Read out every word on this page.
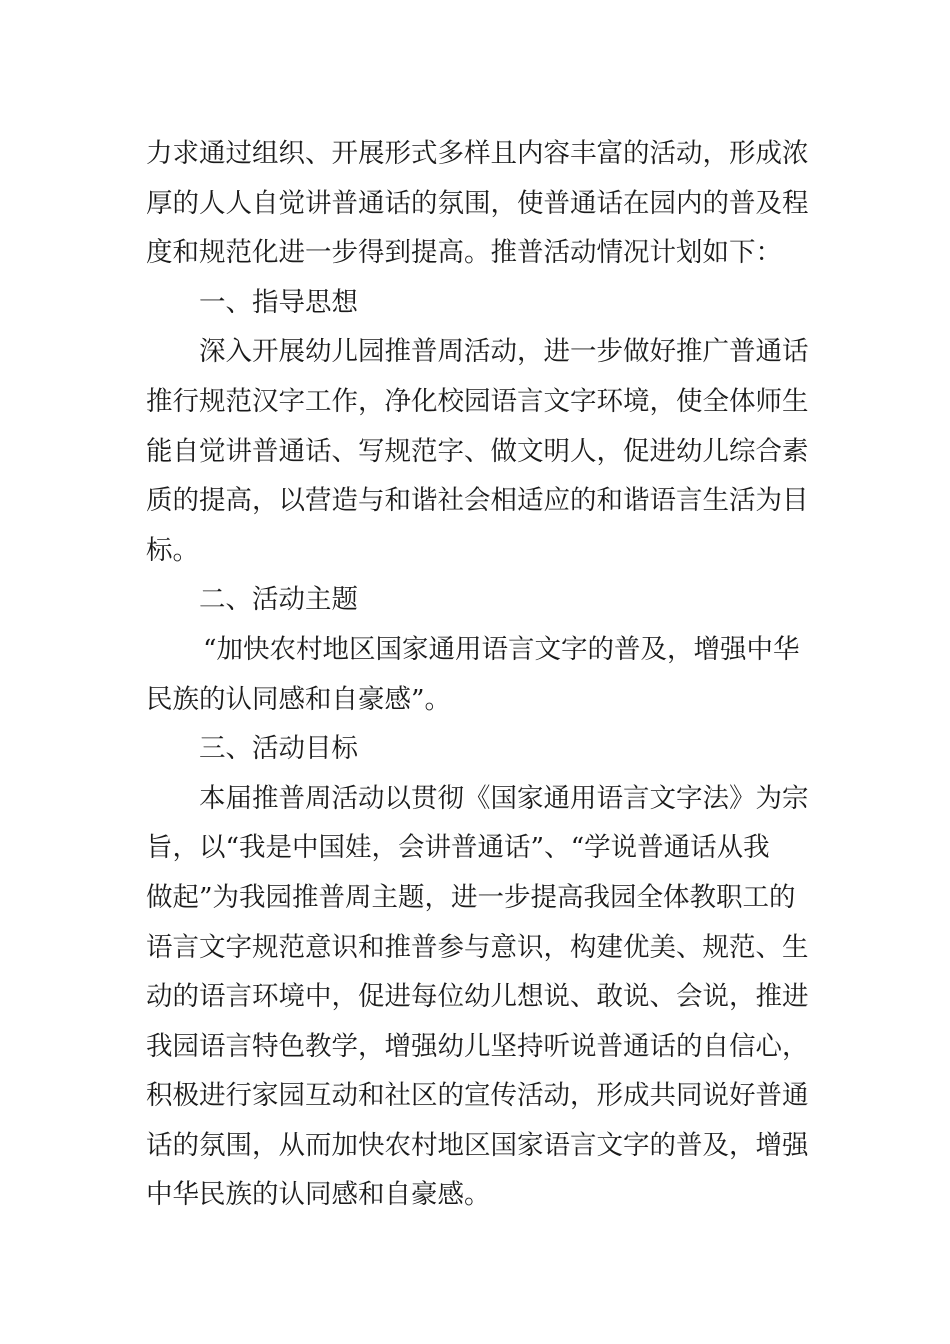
力求通过组织、开展形式多样且内容丰富的活动，形成浓
厚的人人自觉讲普通话的氛围，使普通话在园内的普及程
度和规范化进一步得到提高。推普活动情况计划如下：
一、指导思想
深入开展幼儿园推普周活动，进一步做好推广普通话
推行规范汉字工作，净化校园语言文字环境，使全体师生
能自觉讲普通话、写规范字、做文明人，促进幼儿综合素
质的提高，以营造与和谐社会相适应的和谐语言生活为目
标。
二、活动主题
“加快农村地区国家通用语言文字的普及，增强中华
民族的认同感和自豪感”。
三、活动目标
本届推普周活动以贯彻《国家通用语言文字法》为宗
旨，以“我是中国娃，会讲普通话”、“学说普通话从我
做起”为我园推普周主题，进一步提高我园全体教职工的
语言文字规范意识和推普参与意识，构建优美、规范、生
动的语言环境中，促进每位幼儿想说、敢说、会说，推进
我园语言特色教学，增强幼儿坚持听说普通话的自信心，
积极进行家园互动和社区的宣传活动，形成共同说好普通
话的氛围，从而加快农村地区国家语言文字的普及，增强
中华民族的认同感和自豪感。
